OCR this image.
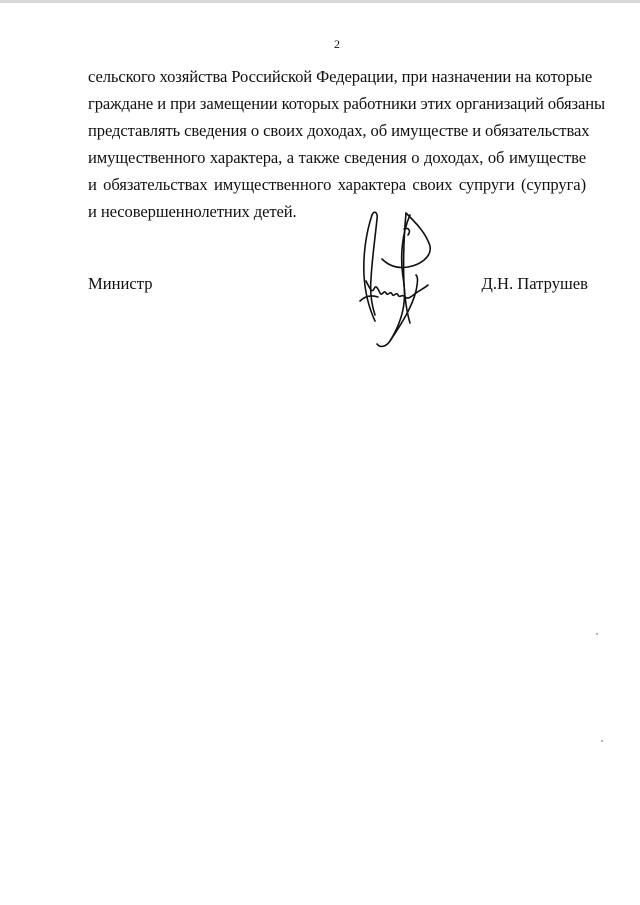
2
сельского хозяйства Российской Федерации, при назначении на которые
граждане и при замещении которых работники этих организаций обязаны
представлять сведения о своих доходах, об имуществе и обязательствах
имущественного характера, а также сведения о доходах, об имуществе
и обязательствах имущественного характера своих супруги (супруга)
и несовершеннолетних детей.
Министр	Д.Н. Патрушев
